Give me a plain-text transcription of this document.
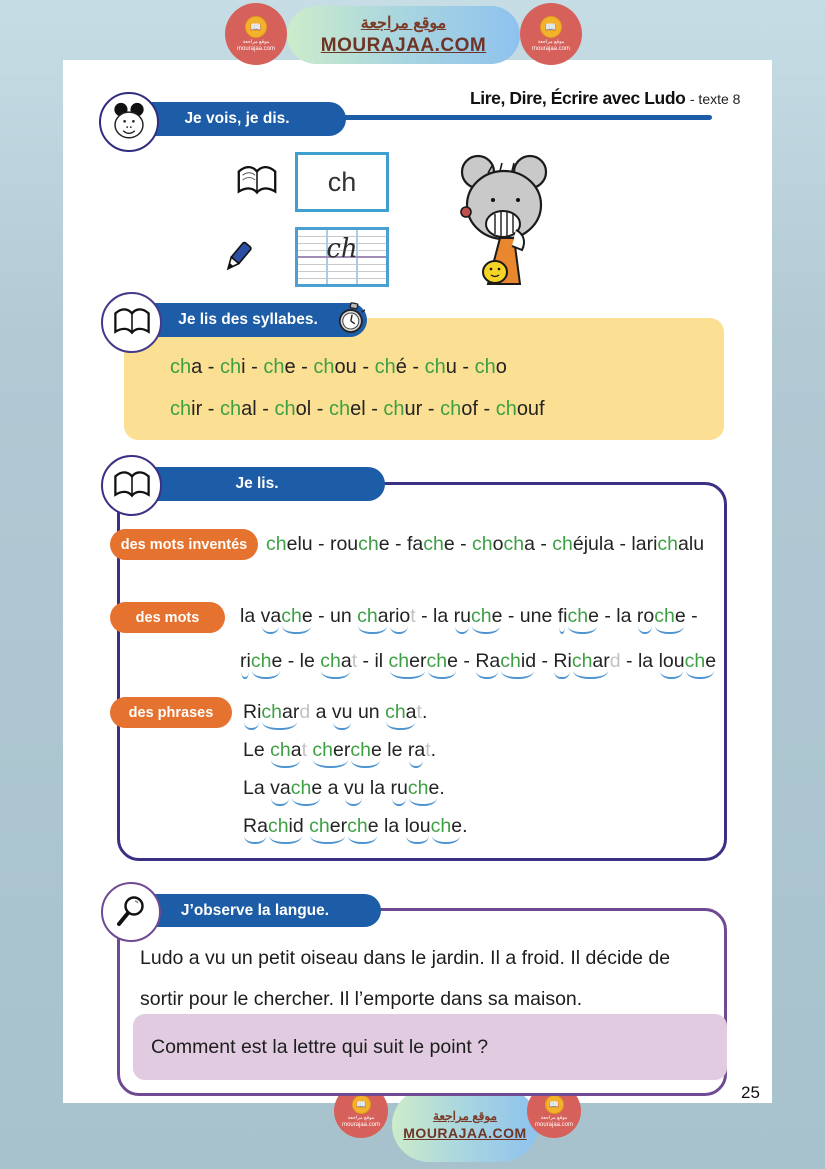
موقع مراجعة
MOURAJAA.COM
📖
موقع مراجعة
mourajaa.com
📖
موقع مراجعة
mourajaa.com
Lire, Dire, Écrire avec Ludo - texte 8
Je vois, je dis.
ch
ch
Je lis des syllabes.
cha - chi - che - chou - ché - chu - cho
chir - chal - chol - chel - chur - chof - chouf
Je lis.
des mots inventés chelu - rouche - fache - chocha - chéjula - larichalu
des mots la vache - un chariot - la ruche - une fiche - la roche -
riche - le chat - il cherche - Rachid - Richard - la louche
des phrases Richard a vu un chat.
Le chat cherche le rat.
La vache a vu la ruche.
Rachid cherche la louche.
J’observe la langue.
Ludo a vu un petit oiseau dans le jardin. Il a froid. Il décide de sortir pour le chercher. Il l’emporte dans sa maison.
Comment est la lettre qui suit le point ?
25
موقع مراجعة
MOURAJAA.COM
📖
موقع مراجعة
mourajaa.com
📖
موقع مراجعة
mourajaa.com
